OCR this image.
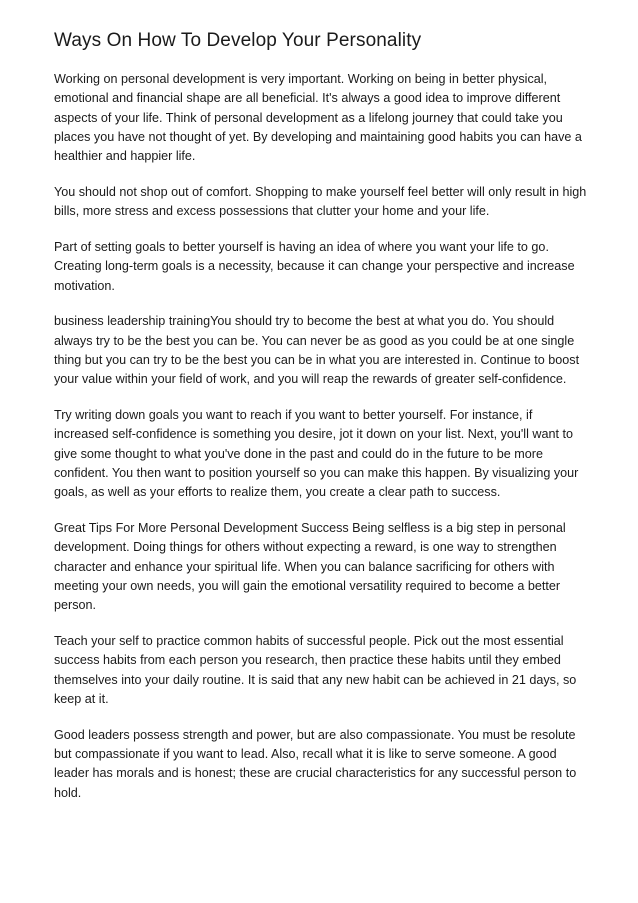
Ways On How To Develop Your Personality

Working on personal development is very important. Working on being in better physical, emotional and financial shape are all beneficial. It's always a good idea to improve different aspects of your life. Think of personal development as a lifelong journey that could take you places you have not thought of yet. By developing and maintaining good habits you can have a healthier and happier life.

You should not shop out of comfort. Shopping to make yourself feel better will only result in high bills, more stress and excess possessions that clutter your home and your life.

Part of setting goals to better yourself is having an idea of where you want your life to go. Creating long-term goals is a necessity, because it can change your perspective and increase motivation.

business leadership trainingYou should try to become the best at what you do. You should always try to be the best you can be. You can never be as good as you could be at one single thing but you can try to be the best you can be in what you are interested in. Continue to boost your value within your field of work, and you will reap the rewards of greater self-confidence.

Try writing down goals you want to reach if you want to better yourself. For instance, if increased self-confidence is something you desire, jot it down on your list. Next, you'll want to give some thought to what you've done in the past and could do in the future to be more confident. You then want to position yourself so you can make this happen. By visualizing your goals, as well as your efforts to realize them, you create a clear path to success.

Great Tips For More Personal Development Success Being selfless is a big step in personal development. Doing things for others without expecting a reward, is one way to strengthen character and enhance your spiritual life. When you can balance sacrificing for others with meeting your own needs, you will gain the emotional versatility required to become a better person.

Teach your self to practice common habits of successful people. Pick out the most essential success habits from each person you research, then practice these habits until they embed themselves into your daily routine. It is said that any new habit can be achieved in 21 days, so keep at it.

Good leaders possess strength and power, but are also compassionate. You must be resolute but compassionate if you want to lead. Also, recall what it is like to serve someone. A good leader has morals and is honest; these are crucial characteristics for any successful person to hold.
